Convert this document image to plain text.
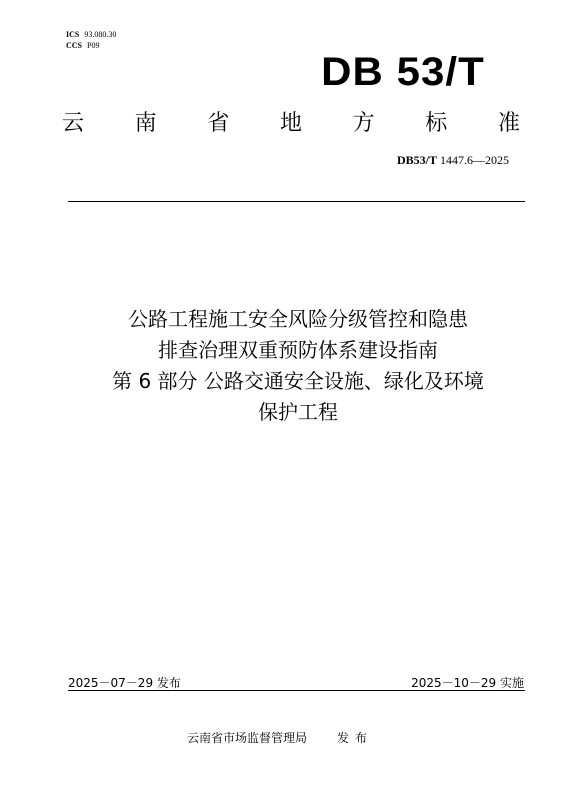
ICS 93.080.30
CCS P09
DB 53/T
云 南 省 地 方 标 准
DB53/T 1447.6—2025
公路工程施工安全风险分级管控和隐患
排查治理双重预防体系建设指南
第 6 部分 公路交通安全设施、绿化及环境
保护工程
2025－07－29 发布	2025－10－29 实施
云南省市场监督管理局	发布
